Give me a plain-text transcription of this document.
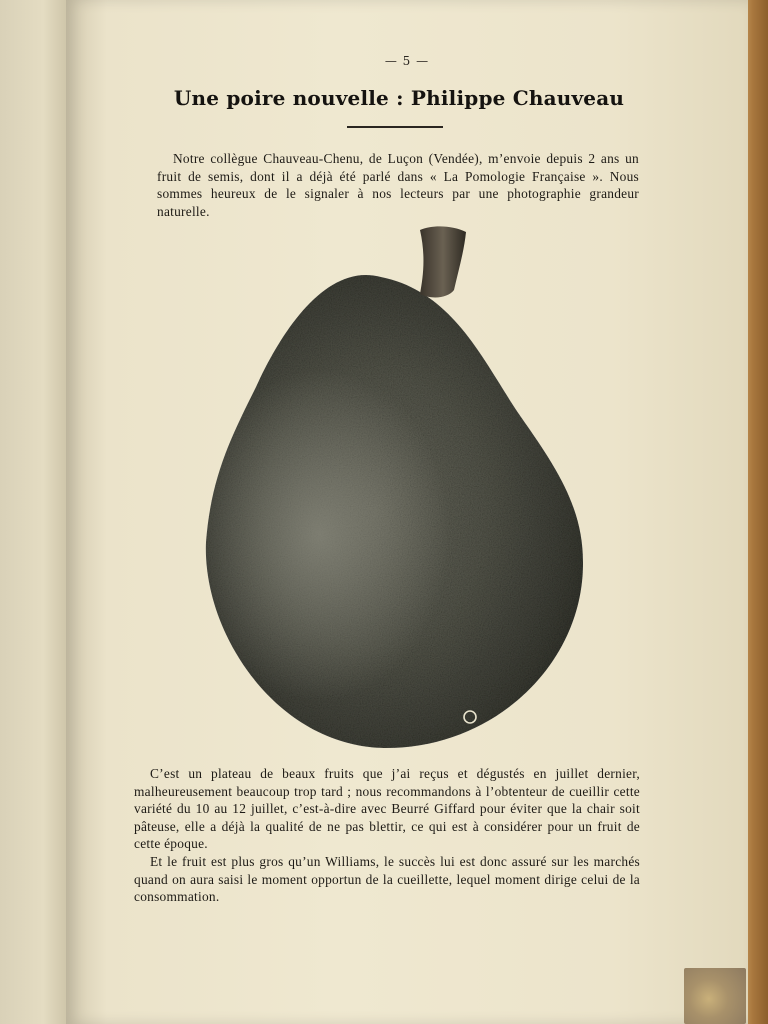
— 5 —
Une poire nouvelle : Philippe Chauveau

Notre collègue Chauveau-Chenu, de Luçon (Vendée), m’envoie depuis 2 ans un fruit de semis, dont il a déjà été parlé dans « La Pomologie Française ». Nous sommes heureux de le signaler à nos lecteurs par une photographie grandeur naturelle.

C’est un plateau de beaux fruits que j’ai reçus et dégustés en juillet dernier, malheureusement beaucoup trop tard ; nous recommandons à l’obtenteur de cueillir cette variété du 10 au 12 juillet, c’est-à-dire avec Beurré Giffard pour éviter que la chair soit pâteuse, elle a déjà la qualité de ne pas blettir, ce qui est à considérer pour un fruit de cette époque.

Et le fruit est plus gros qu’un Williams, le succès lui est donc assuré sur les marchés quand on aura saisi le moment opportun de la cueillette, lequel moment dirige celui de la consommation.
